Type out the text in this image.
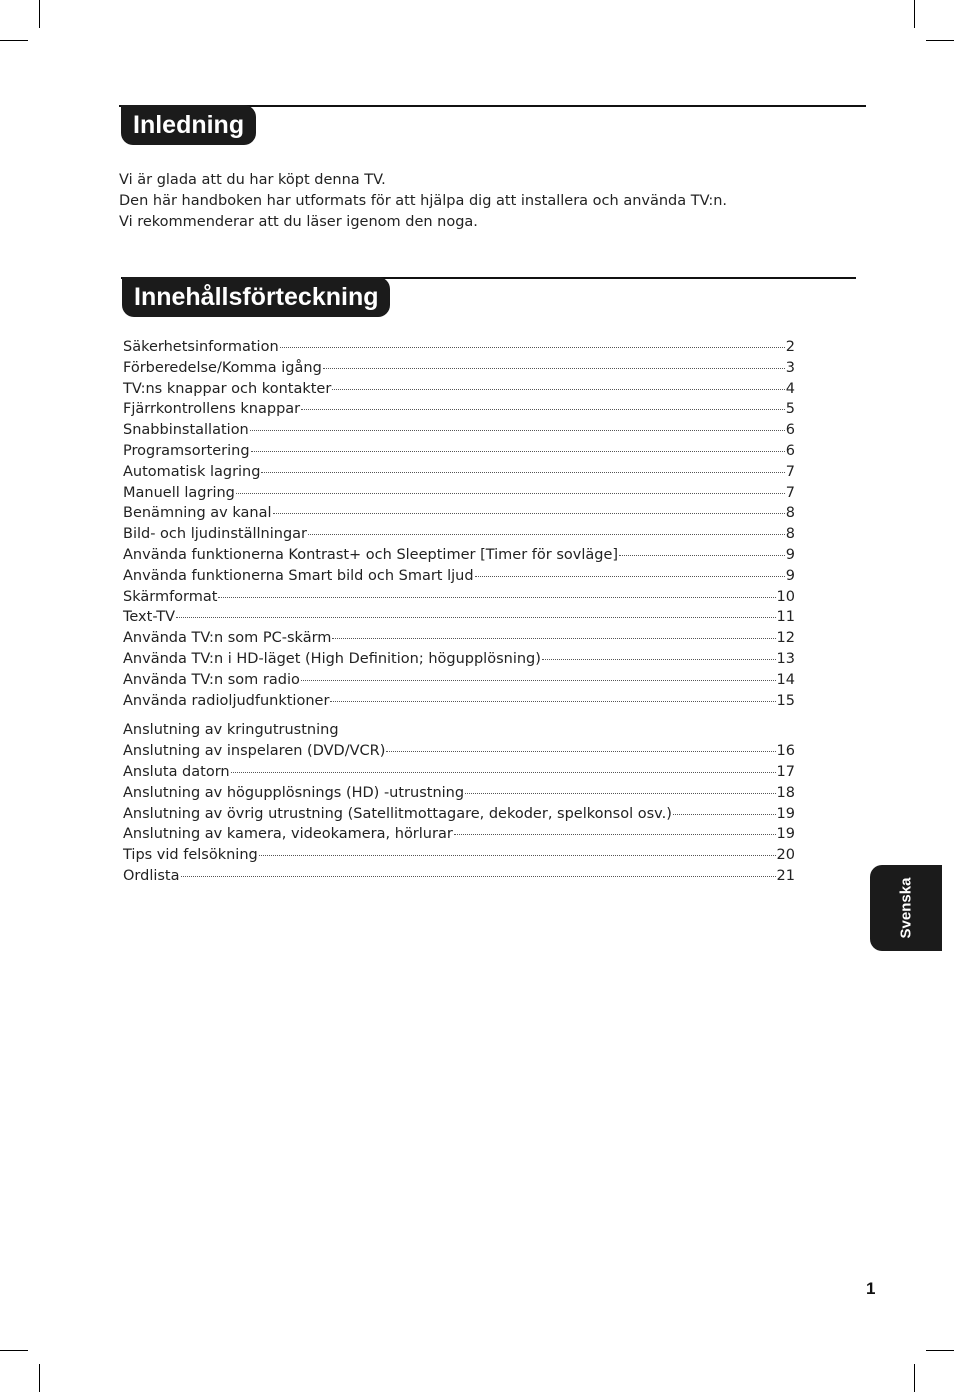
Inledning

Vi är glada att du har köpt denna TV.

Den här handboken har utformats för att hjälpa dig att installera och använda TV:n.

Vi rekommenderar att du läser igenom den noga.

Innehållsförteckning
Säkerhetsinformation	2
Förberedelse/Komma igång	3
TV:ns knappar och kontakter	4
Fjärrkontrollens knappar	5
Snabbinstallation	6
Programsortering	6
Automatisk lagring	7
Manuell lagring	7
Benämning av kanal	8
Bild- och ljudinställningar	8
Använda funktionerna Kontrast+ och Sleeptimer [Timer för sovläge]	9
Använda funktionerna Smart bild och Smart ljud	9
Skärmformat	10
Text-TV	11
Använda TV:n som PC-skärm	12
Använda TV:n i HD-läget (High Definition; högupplösning)	13
Använda TV:n som radio	14
Använda radioljudfunktioner	15
Anslutning av kringutrustning
Anslutning av inspelaren (DVD/VCR)	16
Ansluta datorn	17
Anslutning av högupplösnings (HD) -utrustning	18
Anslutning av övrig utrustning (Satellitmottagare, dekoder, spelkonsol osv.)	19
Anslutning av kamera, videokamera, hörlurar	19
Tips vid felsökning	20
Ordlista	21
Svenska
1
